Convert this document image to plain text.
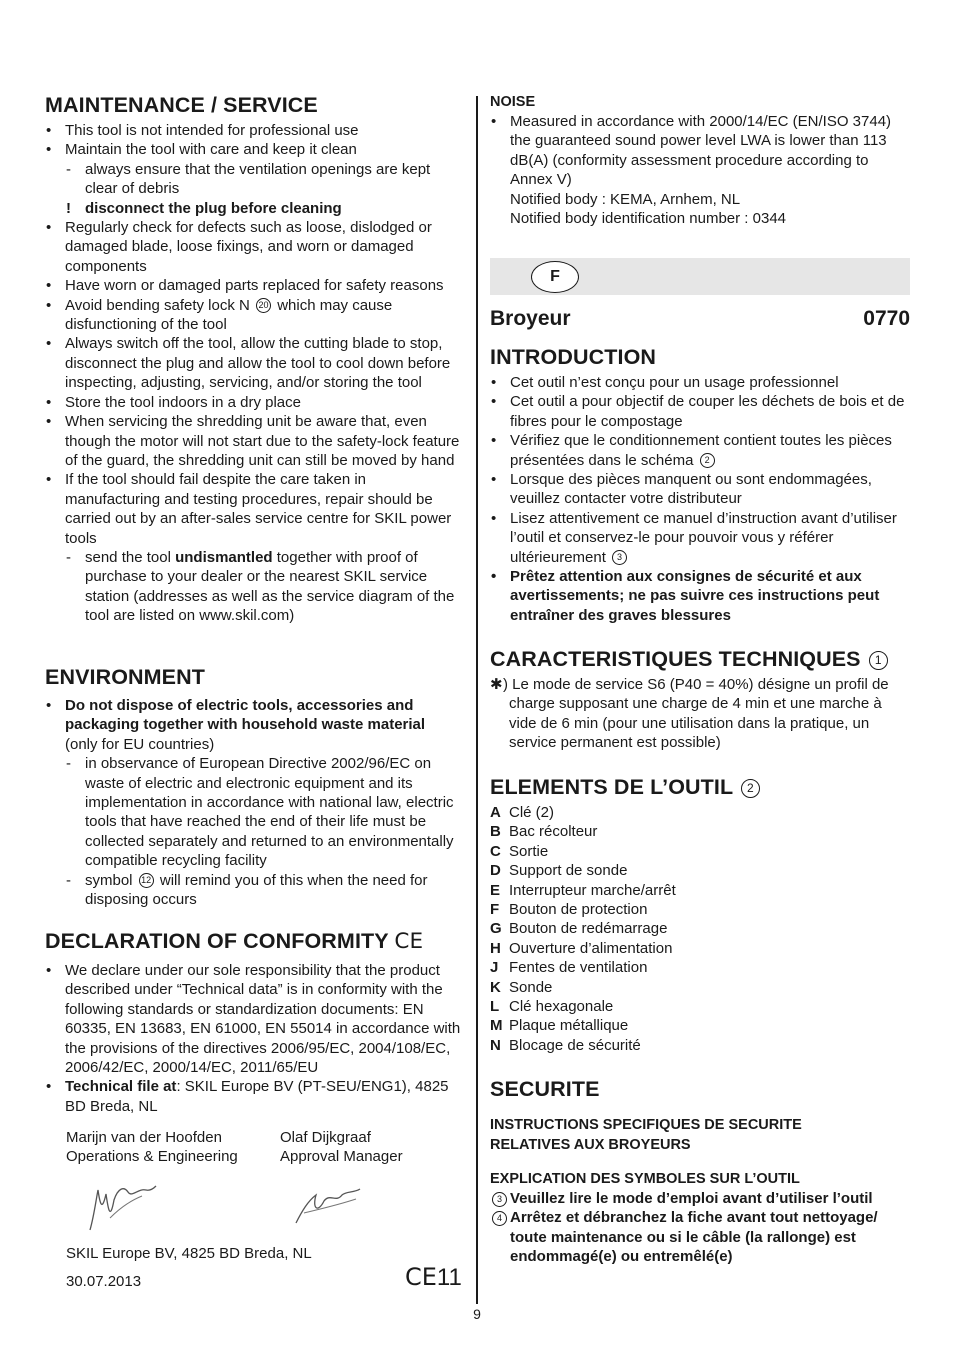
MAINTENANCE / SERVICE
• This tool is not intended for professional use
• Maintain the tool with care and keep it clean
- always ensure that the ventilation openings are kept clear of debris
! disconnect the plug before cleaning
• Regularly check for defects such as loose, dislodged or damaged blade, loose fixings, and worn or damaged components
• Have worn or damaged parts replaced for safety reasons
• Avoid bending safety lock N 20 which may cause disfunctioning of the tool
• Always switch off the tool, allow the cutting blade to stop, disconnect the plug and allow the tool to cool down before inspecting, adjusting, servicing, and/or storing the tool
• Store the tool indoors in a dry place
• When servicing the shredding unit be aware that, even though the motor will not start due to the safety-lock feature of the guard, the shredding unit can still be moved by hand
• If the tool should fail despite the care taken in manufacturing and testing procedures, repair should be carried out by an after-sales service centre for SKIL power tools
- send the tool undismantled together with proof of purchase to your dealer or the nearest SKIL service station (addresses as well as the service diagram of the tool are listed on www.skil.com)
ENVIRONMENT
• Do not dispose of electric tools, accessories and packaging together with household waste material
(only for EU countries)
- in observance of European Directive 2002/96/EC on waste of electric and electronic equipment and its implementation in accordance with national law, electric tools that have reached the end of their life must be collected separately and returned to an environmentally compatible recycling facility
- symbol 12 will remind you of this when the need for disposing occurs
DECLARATION OF CONFORMITY CE
• We declare under our sole responsibility that the product described under “Technical data” is in conformity with the following standards or standardization documents: EN 60335, EN 13683, EN 61000, EN 55014 in accordance with the provisions of the directives 2006/95/EC, 2004/108/EC, 2006/42/EC, 2000/14/EC, 2011/65/EU
• Technical file at: SKIL Europe BV (PT-SEU/ENG1), 4825 BD Breda, NL
Marijn van der Hoofden
Operations & Engineering
Olaf Dijkgraaf
Approval Manager
SKIL Europe BV, 4825 BD Breda, NL
30.07.2013	CE11
NOISE
• Measured in accordance with 2000/14/EC (EN/ISO 3744) the guaranteed sound power level LWA is lower than 113 dB(A) (conformity assessment procedure according to Annex V)
Notified body : KEMA, Arnhem, NL
Notified body identification number : 0344
Broyeur	0770
INTRODUCTION
• Cet outil n’est conçu pour un usage professionnel
• Cet outil a pour objectif de couper les déchets de bois et de fibres pour le compostage
• Vérifiez que le conditionnement contient toutes les pièces présentées dans le schéma 2
• Lorsque des pièces manquent ou sont endommagées, veuillez contacter votre distributeur
• Lisez attentivement ce manuel d’instruction avant d’utiliser l’outil et conservez-le pour pouvoir vous y référer ultérieurement 3
• Prêtez attention aux consignes de sécurité et aux avertissements; ne pas suivre ces instructions peut entraîner des graves blessures
CARACTERISTIQUES TECHNIQUES 1
✱ ) Le mode de service S6 (P40 = 40%) désigne un profil de charge supposant une charge de 4 min et une marche à vide de 6 min (pour une utilisation dans la pratique, un service permanent est possible)
ELEMENTS DE L’OUTIL 2
A Clé (2)
B Bac récolteur
C Sortie
D Support de sonde
E Interrupteur marche/arrêt
F Bouton de protection
G Bouton de redémarrage
H Ouverture d’alimentation
J Fentes de ventilation
K Sonde
L Clé hexagonale
M Plaque métallique
N Blocage de sécurité
SECURITE
INSTRUCTIONS SPECIFIQUES DE SECURITE RELATIVES AUX BROYEURS
EXPLICATION DES SYMBOLES SUR L’OUTIL
3 Veuillez lire le mode d’emploi avant d’utiliser l’outil
4 Arrêtez et débranchez la fiche avant tout nettoyage/ toute maintenance ou si le câble (la rallonge) est endommagé(e) ou entremêlé(e)
F
9
